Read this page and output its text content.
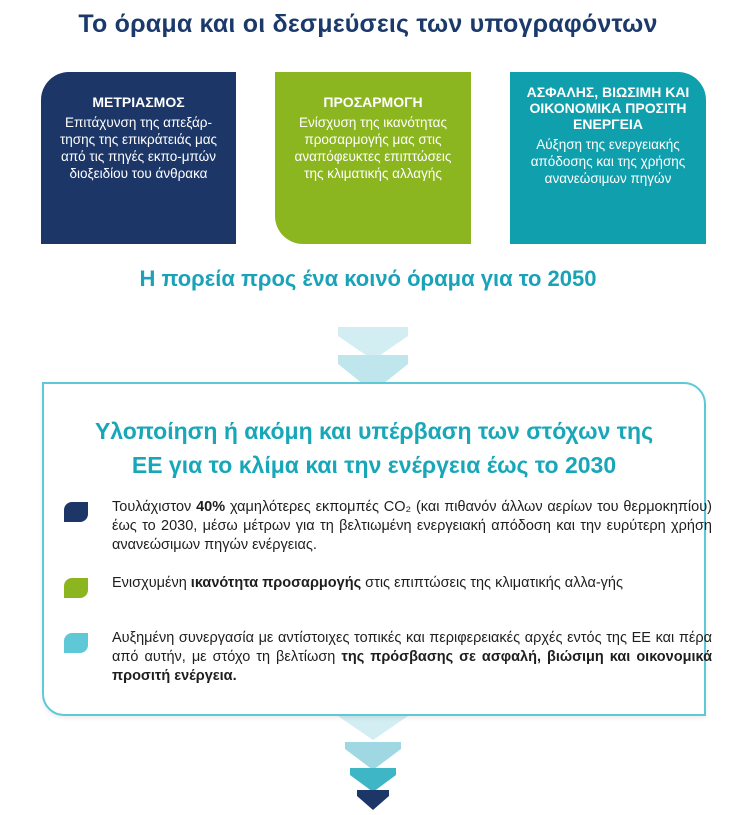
Το όραμα και οι δεσμεύσεις των υπογραφόντων
ΜΕΤΡΙΑΣΜΟΣ
Επιτάχυνση της απεξάρ-τησης της επικράτειάς μας από τις πηγές εκπο-μπών διοξειδίου του άνθρακα
ΠΡΟΣΑΡΜΟΓΗ
Ενίσχυση της ικανότητας προσαρμογής μας στις αναπόφευκτες επιπτώσεις της κλιματικής αλλαγής
ΑΣΦΑΛΗΣ, ΒΙΩΣΙΜΗ ΚΑΙ ΟΙΚΟΝΟΜΙΚΑ ΠΡΟΣΙΤΗ ΕΝΕΡΓΕΙΑ
Αύξηση της ενεργειακής απόδοσης και της χρήσης ανανεώσιμων πηγών
Η πορεία προς ένα κοινό όραμα για το 2050
Υλοποίηση ή ακόμη και υπέρβαση των στόχων της
ΕΕ για το κλίμα και την ενέργεια έως το 2030
Τουλάχιστον 40% χαμηλότερες εκπομπές CO₂ (και πιθανόν άλλων αερίων του θερμοκηπίου) έως το 2030, μέσω μέτρων για τη βελτιωμένη ενεργειακή απόδοση και την ευρύτερη χρήση ανανεώσιμων πηγών ενέργειας.
Ενισχυμένη ικανότητα προσαρμογής στις επιπτώσεις της κλιματικής αλλα-γής
Αυξημένη συνεργασία με αντίστοιχες τοπικές και περιφερειακές αρχές εντός της ΕΕ και πέρα από αυτήν, με στόχο τη βελτίωση της πρόσβασης σε ασφαλή, βιώσιμη και οικονομικά προσιτή ενέργεια.
